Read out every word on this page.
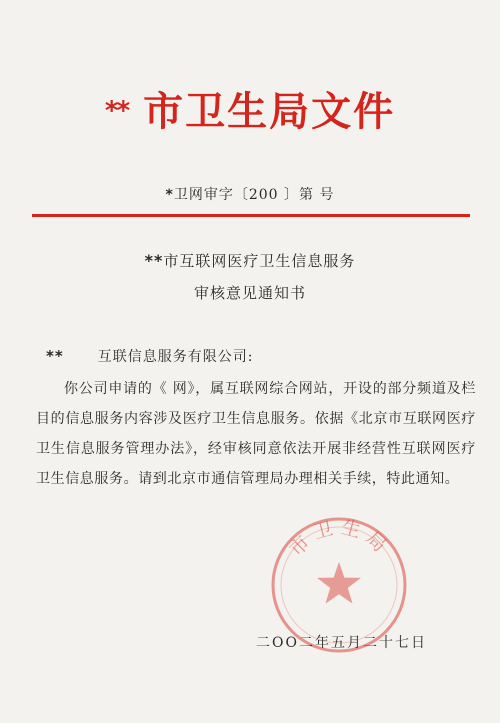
** 市卫生局文件
*卫网审字〔200 〕第 号
**市互联网医疗卫生信息服务
审核意见通知书
** 互联信息服务有限公司:
你公司申请的《 网》，属互联网综合网站，开设的部分频道及栏目的信息服务内容涉及医疗卫生信息服务。依据《北京市互联网医疗卫生信息服务管理办法》，经审核同意依法开展非经营性互联网医疗卫生信息服务。请到北京市通信管理局办理相关手续，特此通知。
市卫生局
二OO二年五月二十七日
